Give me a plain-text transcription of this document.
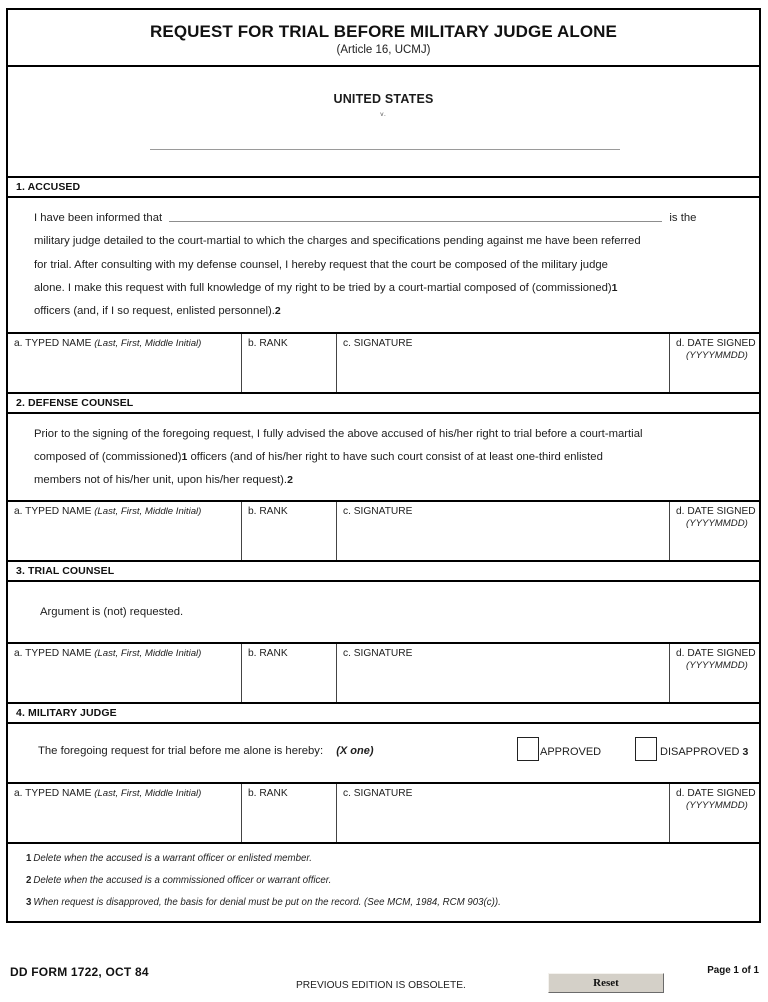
REQUEST FOR TRIAL BEFORE MILITARY JUDGE ALONE
(Article 16, UCMJ)
UNITED STATES
v.
1. ACCUSED
I have been informed that	is the
military judge detailed to the court-martial to which the charges and specifications pending against me have been referred
for trial. After consulting with my defense counsel, I hereby request that the court be composed of the military judge
alone. I make this request with full knowledge of my right to be tried by a court-martial composed of (commissioned)1
officers (and, if I so request, enlisted personnel).2
a. TYPED NAME (Last, First, Middle Initial)	b. RANK	c. SIGNATURE	d. DATE SIGNED
(YYYYMMDD)
2. DEFENSE COUNSEL
Prior to the signing of the foregoing request, I fully advised the above accused of his/her right to trial before a court-martial
composed of (commissioned)1 officers (and of his/her right to have such court consist of at least one-third enlisted
members not of his/her unit, upon his/her request).2
a. TYPED NAME (Last, First, Middle Initial)	b. RANK	c. SIGNATURE	d. DATE SIGNED
(YYYYMMDD)
3. TRIAL COUNSEL
Argument is (not) requested.
a. TYPED NAME (Last, First, Middle Initial)	b. RANK	c. SIGNATURE	d. DATE SIGNED
(YYYYMMDD)
4. MILITARY JUDGE
The foregoing request for trial before me alone is hereby: (X one)	APPROVED	DISAPPROVED 3
a. TYPED NAME (Last, First, Middle Initial)	b. RANK	c. SIGNATURE	d. DATE SIGNED
(YYYYMMDD)

1 Delete when the accused is a warrant officer or enlisted member.

2 Delete when the accused is a commissioned officer or warrant officer.

3 When request is disapproved, the basis for denial must be put on the record. (See MCM, 1984, RCM 903(c)).

DD FORM 1722, OCT 84
PREVIOUS EDITION IS OBSOLETE.	Reset
Page 1 of 1
